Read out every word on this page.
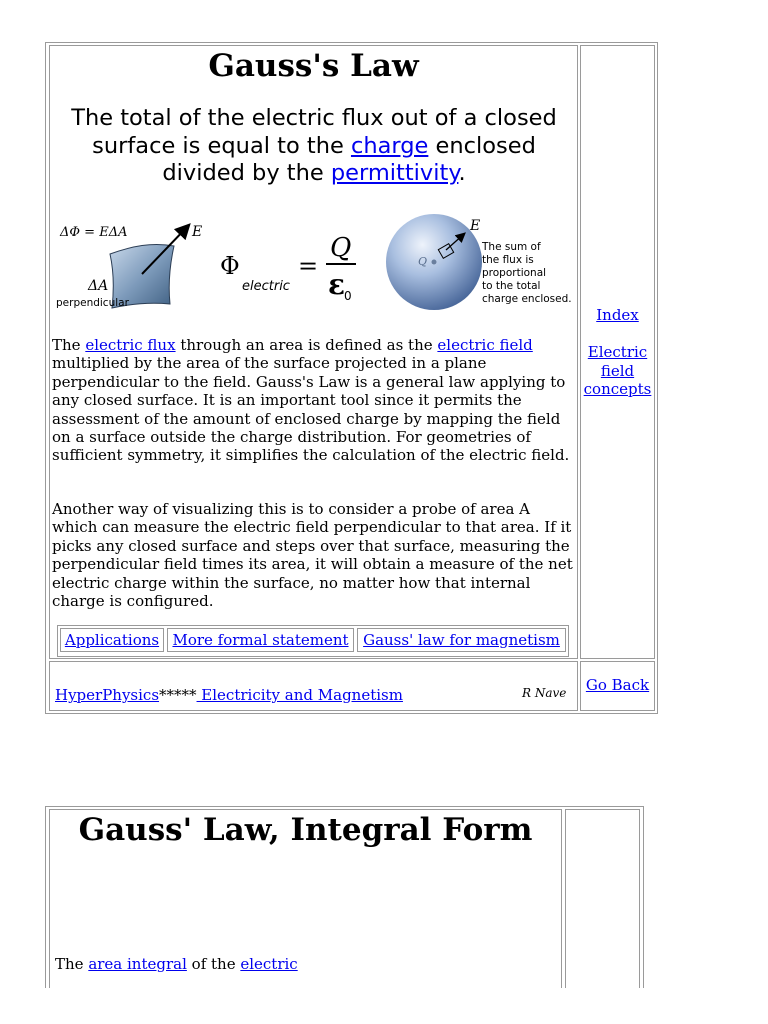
Gauss's Law
The total of the electric flux out of a closed surface is equal to the charge enclosed divided by the permittivity.
ΔΦ = EΔA	E
ΔA
perpendicular
Φ
electric
=
Q
ε
0
Q
E
The sum of the flux is proportional to the total charge enclosed.
The electric flux through an area is defined as the electric field multiplied by the area of the surface projected in a plane perpendicular to the field. Gauss's Law is a general law applying to any closed surface. It is an important tool since it permits the assessment of the amount of enclosed charge by mapping the field on a surface outside the charge distribution. For geometries of sufficient symmetry, it simplifies the calculation of the electric field.
Another way of visualizing this is to consider a probe of area A which can measure the electric field perpendicular to that area. If it picks any closed surface and steps over that surface, measuring the perpendicular field times its area, it will obtain a measure of the net electric charge within the surface, no matter how that internal charge is configured.
Applications More formal statement Gauss' law for magnetism
Index
Electric
field
concepts
HyperPhysics***** Electricity and Magnetism	R Nave	Go Back
Gauss' Law, Integral Form
The area integral of the electric
